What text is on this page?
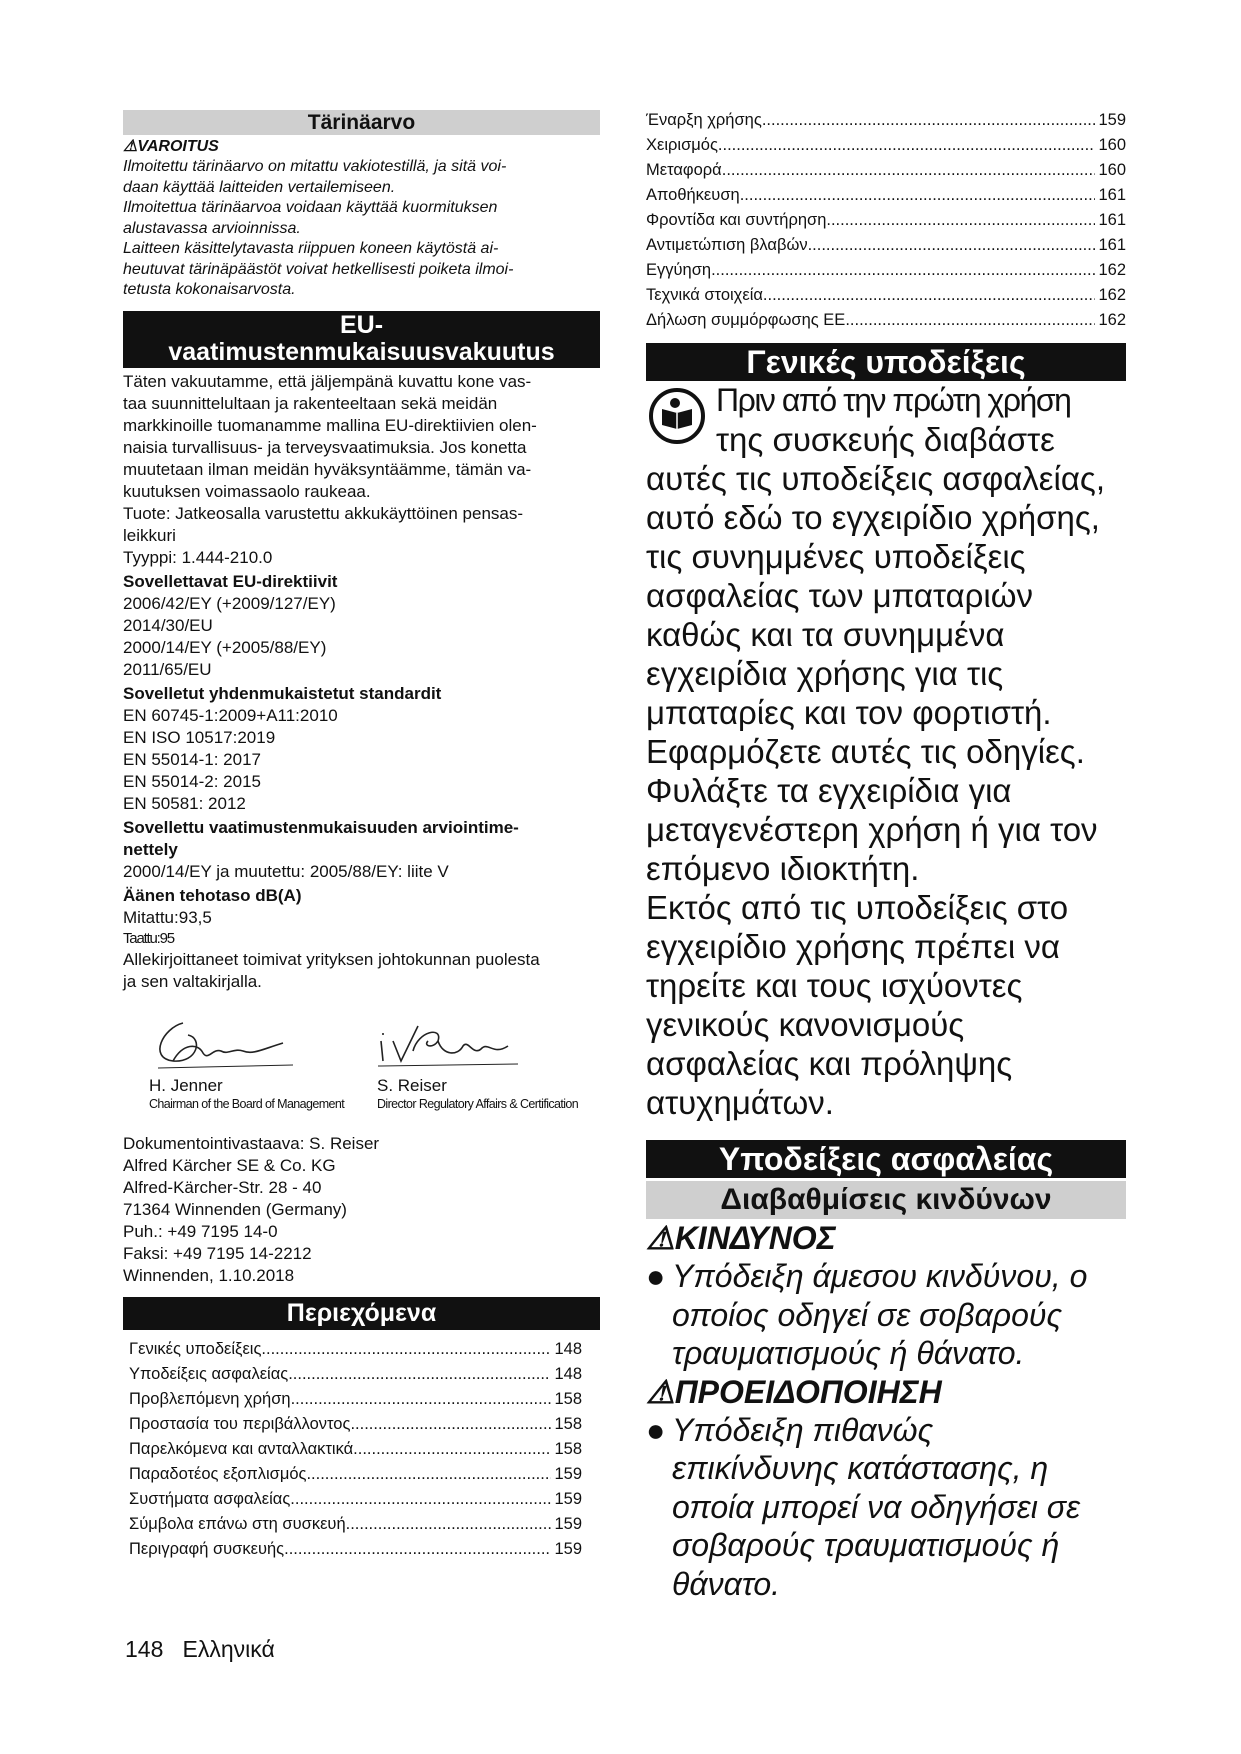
Tärinäarvo
⚠VAROITUS
Ilmoitettu tärinäarvo on mitattu vakiotestillä, ja sitä voi-
daan käyttää laitteiden vertailemiseen.
Ilmoitettua tärinäarvoa voidaan käyttää kuormituksen
alustavassa arvioinnissa.
Laitteen käsittelytavasta riippuen koneen käytöstä ai-
heutuvat tärinäpäästöt voivat hetkellisesti poiketa ilmoi-
tetusta kokonaisarvosta.
EU-
vaatimustenmukaisuusvakuutus
Täten vakuutamme, että jäljempänä kuvattu kone vas-
taa suunnittelultaan ja rakenteeltaan sekä meidän
markkinoille tuomanamme mallina EU-direktiivien olen-
naisia turvallisuus- ja terveysvaatimuksia. Jos konetta
muutetaan ilman meidän hyväksyntäämme, tämän va-
kuutuksen voimassaolo raukeaa.
Tuote: Jatkeosalla varustettu akkukäyttöinen pensas-
leikkuri
Tyyppi: 1.444-210.0
Sovellettavat EU-direktiivit
2006/42/EY (+2009/127/EY)
2014/30/EU
2000/14/EY (+2005/88/EY)
2011/65/EU
Sovelletut yhdenmukaistetut standardit
EN 60745-1:2009+A11:2010
EN ISO 10517:2019
EN 55014-1: 2017
EN 55014-2: 2015
EN 50581: 2012
Sovellettu vaatimustenmukaisuuden arviointime-
nettely
2000/14/EY ja muutettu: 2005/88/EY: liite V
Äänen tehotaso dB(A)
Mitattu:93,5
Taattu:95
Allekirjoittaneet toimivat yrityksen johtokunnan puolesta
ja sen valtakirjalla.
H. Jenner
Chairman of the Board of Management
S. Reiser
Director Regulatory Affairs & Certification
Dokumentointivastaava: S. Reiser
Alfred Kärcher SE & Co. KG
Alfred-Kärcher-Str. 28 - 40
71364 Winnenden (Germany)
Puh.: +49 7195 14-0
Faksi: +49 7195 14-2212
Winnenden, 1.10.2018
Περιεχόμενα
Γενικές υποδείξεις .....	148
Υποδείξεις ασφαλείας .....	148
Προβλεπόμενη χρήση .....	158
Προστασία του περιβάλλοντος .....	158
Παρελκόμενα και ανταλλακτικά .....	158
Παραδοτέος εξοπλισμός .....	159
Συστήματα ασφαλείας .....	159
Σύμβολα επάνω στη συσκευή .....	159
Περιγραφή συσκευής .....	159
Έναρξη χρήσης .....	159
Χειρισμός .....	160
Μεταφορά .....	160
Αποθήκευση .....	161
Φροντίδα και συντήρηση .....	161
Αντιμετώπιση βλαβών .....	161
Εγγύηση .....	162
Τεχνικά στοιχεία .....	162
Δήλωση συμμόρφωσης ΕΕ .....	162
Γενικές υποδείξεις
Πριν από την πρώτη χρήση
της συσκευής διαβάστε
αυτές τις υποδείξεις ασφαλείας,
αυτό εδώ το εγχειρίδιο χρήσης,
τις συνημμένες υποδείξεις
ασφαλείας των μπαταριών
καθώς και τα συνημμένα
εγχειρίδια χρήσης για τις
μπαταρίες και τον φορτιστή.
Εφαρμόζετε αυτές τις οδηγίες.
Φυλάξτε τα εγχειρίδια για
μεταγενέστερη χρήση ή για τον
επόμενο ιδιοκτήτη.
Εκτός από τις υποδείξεις στο
εγχειρίδιο χρήσης πρέπει να
τηρείτε και τους ισχύοντες
γενικούς κανονισμούς
ασφαλείας και πρόληψης
ατυχημάτων.
Υποδείξεις ασφαλείας
Διαβαθμίσεις κινδύνων
⚠ΚΙΝΔΥΝΟΣ
● Υπόδειξη άμεσου κινδύνου, ο
οποίος οδηγεί σε σοβαρούς
τραυματισμούς ή θάνατο.
⚠ΠΡΟΕΙΔΟΠΟΙΗΣΗ
● Υπόδειξη πιθανώς
επικίνδυνης κατάστασης, η
οποία μπορεί να οδηγήσει σε
σοβαρούς τραυματισμούς ή
θάνατο.
148 Ελληνικά
